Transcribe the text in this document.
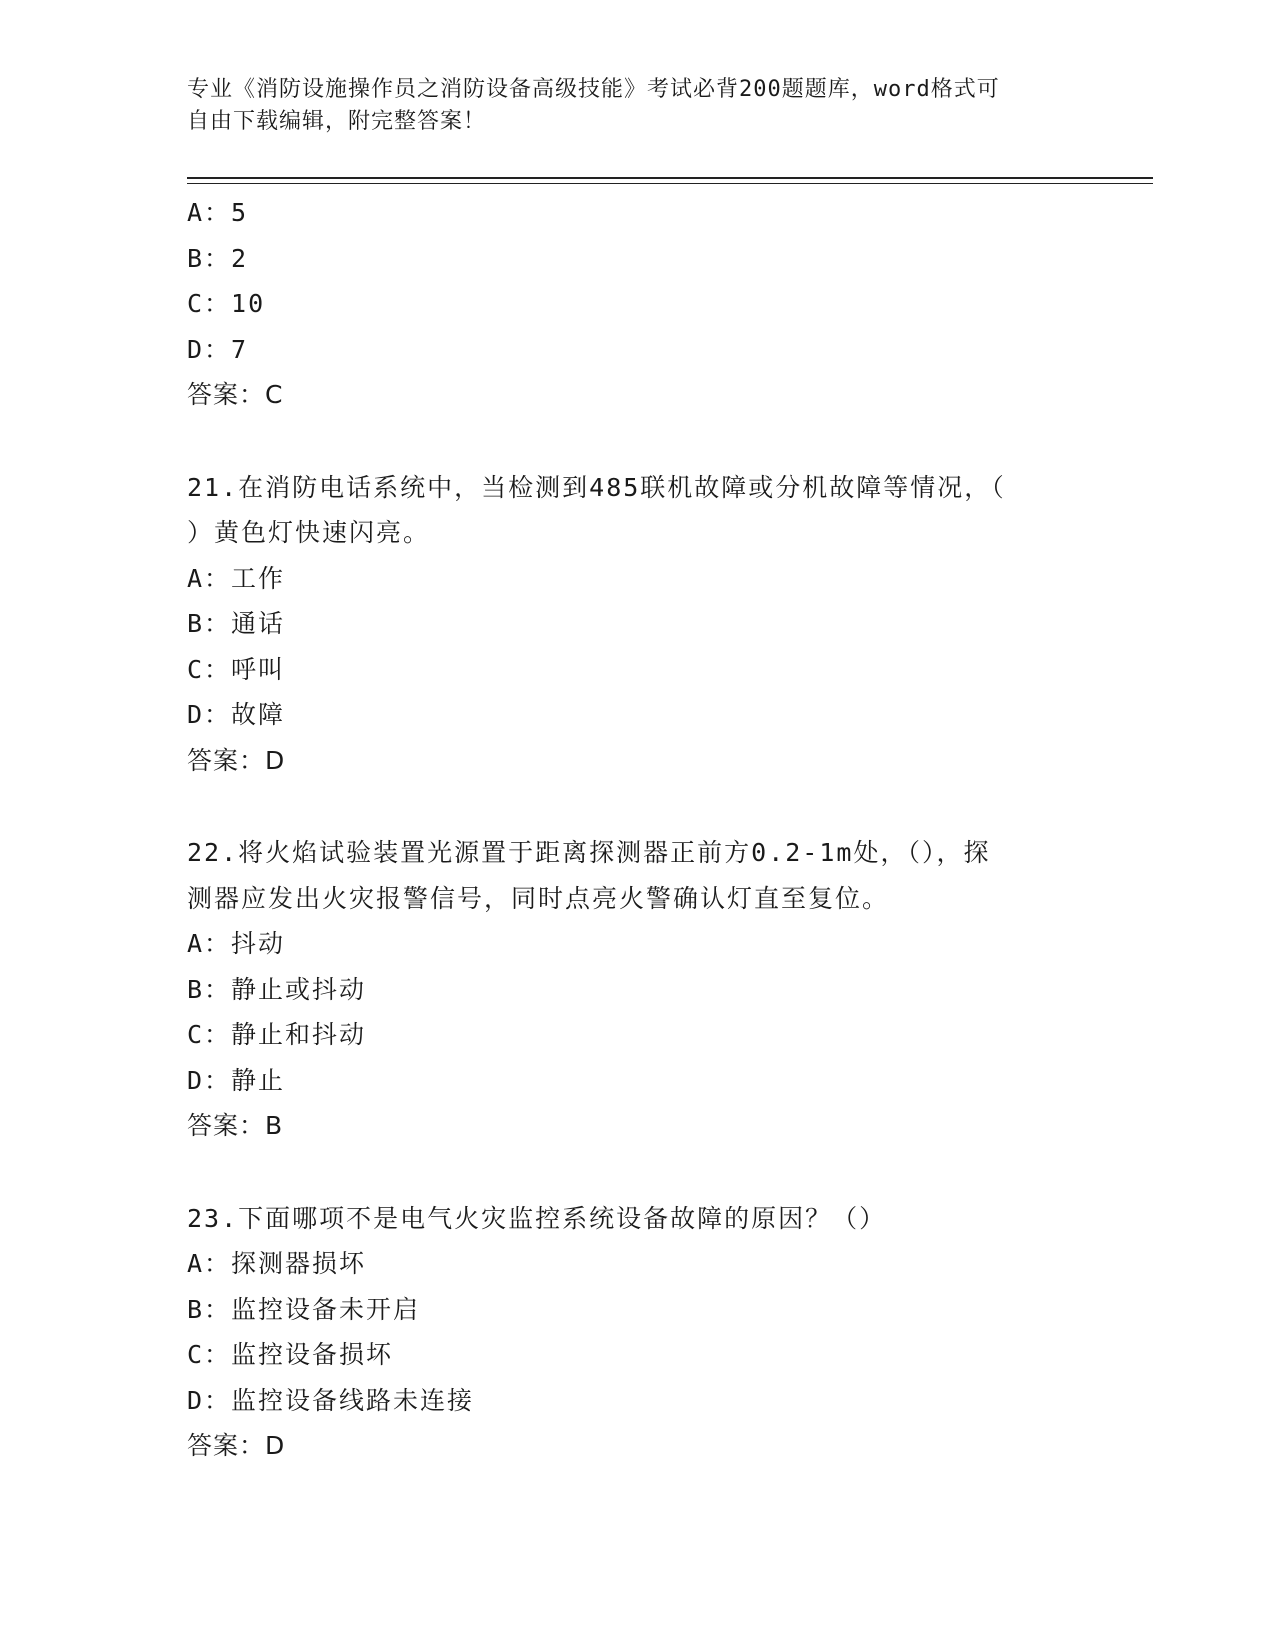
专业《消防设施操作员之消防设备高级技能》考试必背200题题库，word格式可
自由下载编辑，附完整答案！
A：5
B：2
C：10
D：7
答案：C
21.在消防电话系统中，当检测到485联机故障或分机故障等情况，（
）黄色灯快速闪亮。
A：工作
B：通话
C：呼叫
D：故障
答案：D
22.将火焰试验装置光源置于距离探测器正前方0.2-1m处，（），探
测器应发出火灾报警信号，同时点亮火警确认灯直至复位。
A：抖动
B：静止或抖动
C：静止和抖动
D：静止
答案：B
23.下面哪项不是电气火灾监控系统设备故障的原因？（）
A：探测器损坏
B：监控设备未开启
C：监控设备损坏
D：监控设备线路未连接
答案：D
